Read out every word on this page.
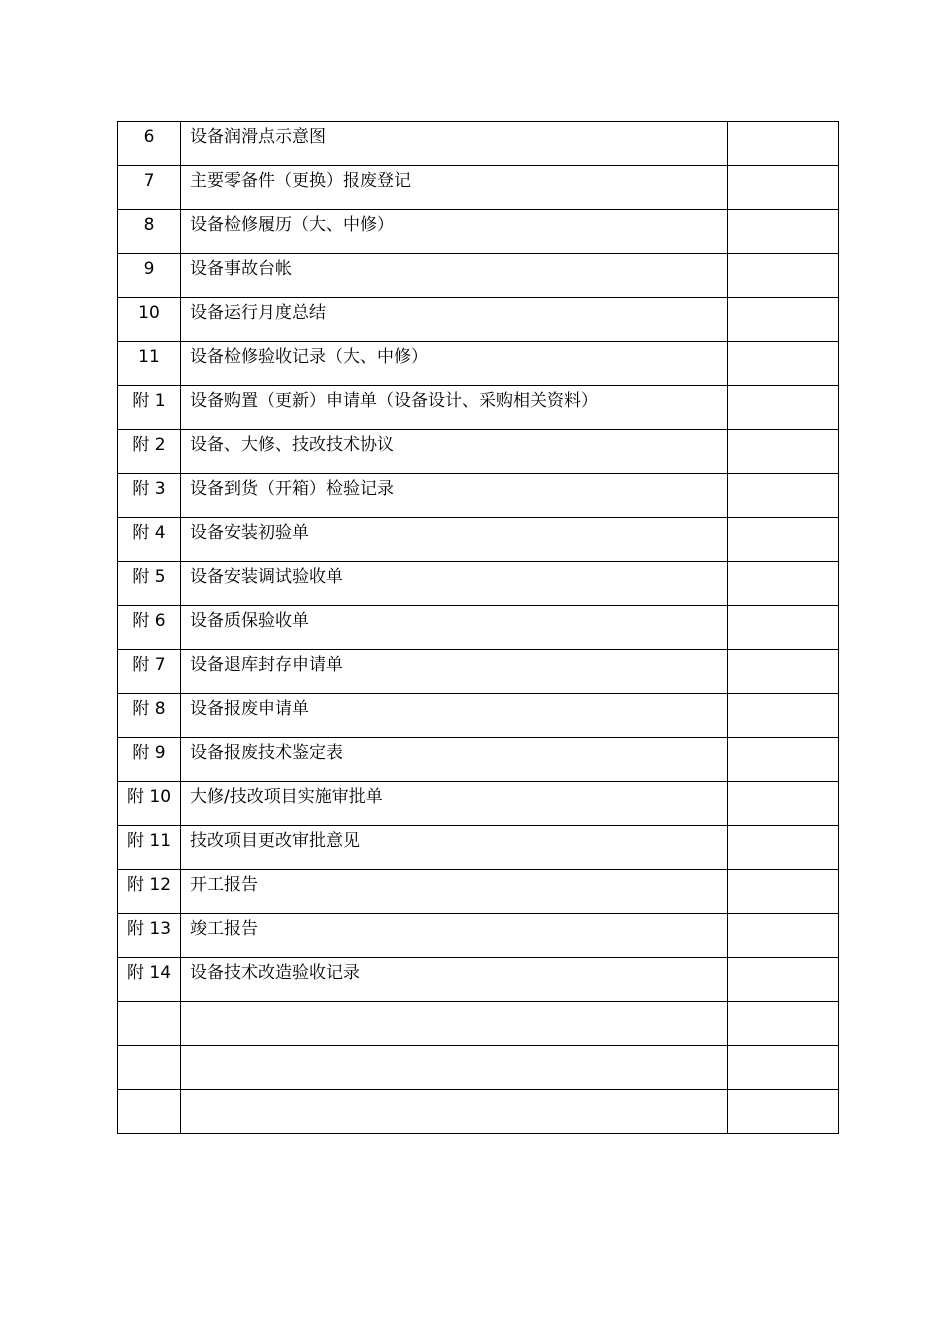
6	设备润滑点示意图	
7	主要零备件（更换）报废登记	
8	设备检修履历（大、中修）	
9	设备事故台帐	
10	设备运行月度总结	
11	设备检修验收记录（大、中修）	
附 1	设备购置（更新）申请单（设备设计、采购相关资料）	
附 2	设备、大修、技改技术协议	
附 3	设备到货（开箱）检验记录	
附 4	设备安装初验单	
附 5	设备安装调试验收单	
附 6	设备质保验收单	
附 7	设备退库封存申请单	
附 8	设备报废申请单	
附 9	设备报废技术鉴定表	
附 10	大修/技改项目实施审批单	
附 11	技改项目更改审批意见	
附 12	开工报告	
附 13	竣工报告	
附 14	设备技术改造验收记录	
